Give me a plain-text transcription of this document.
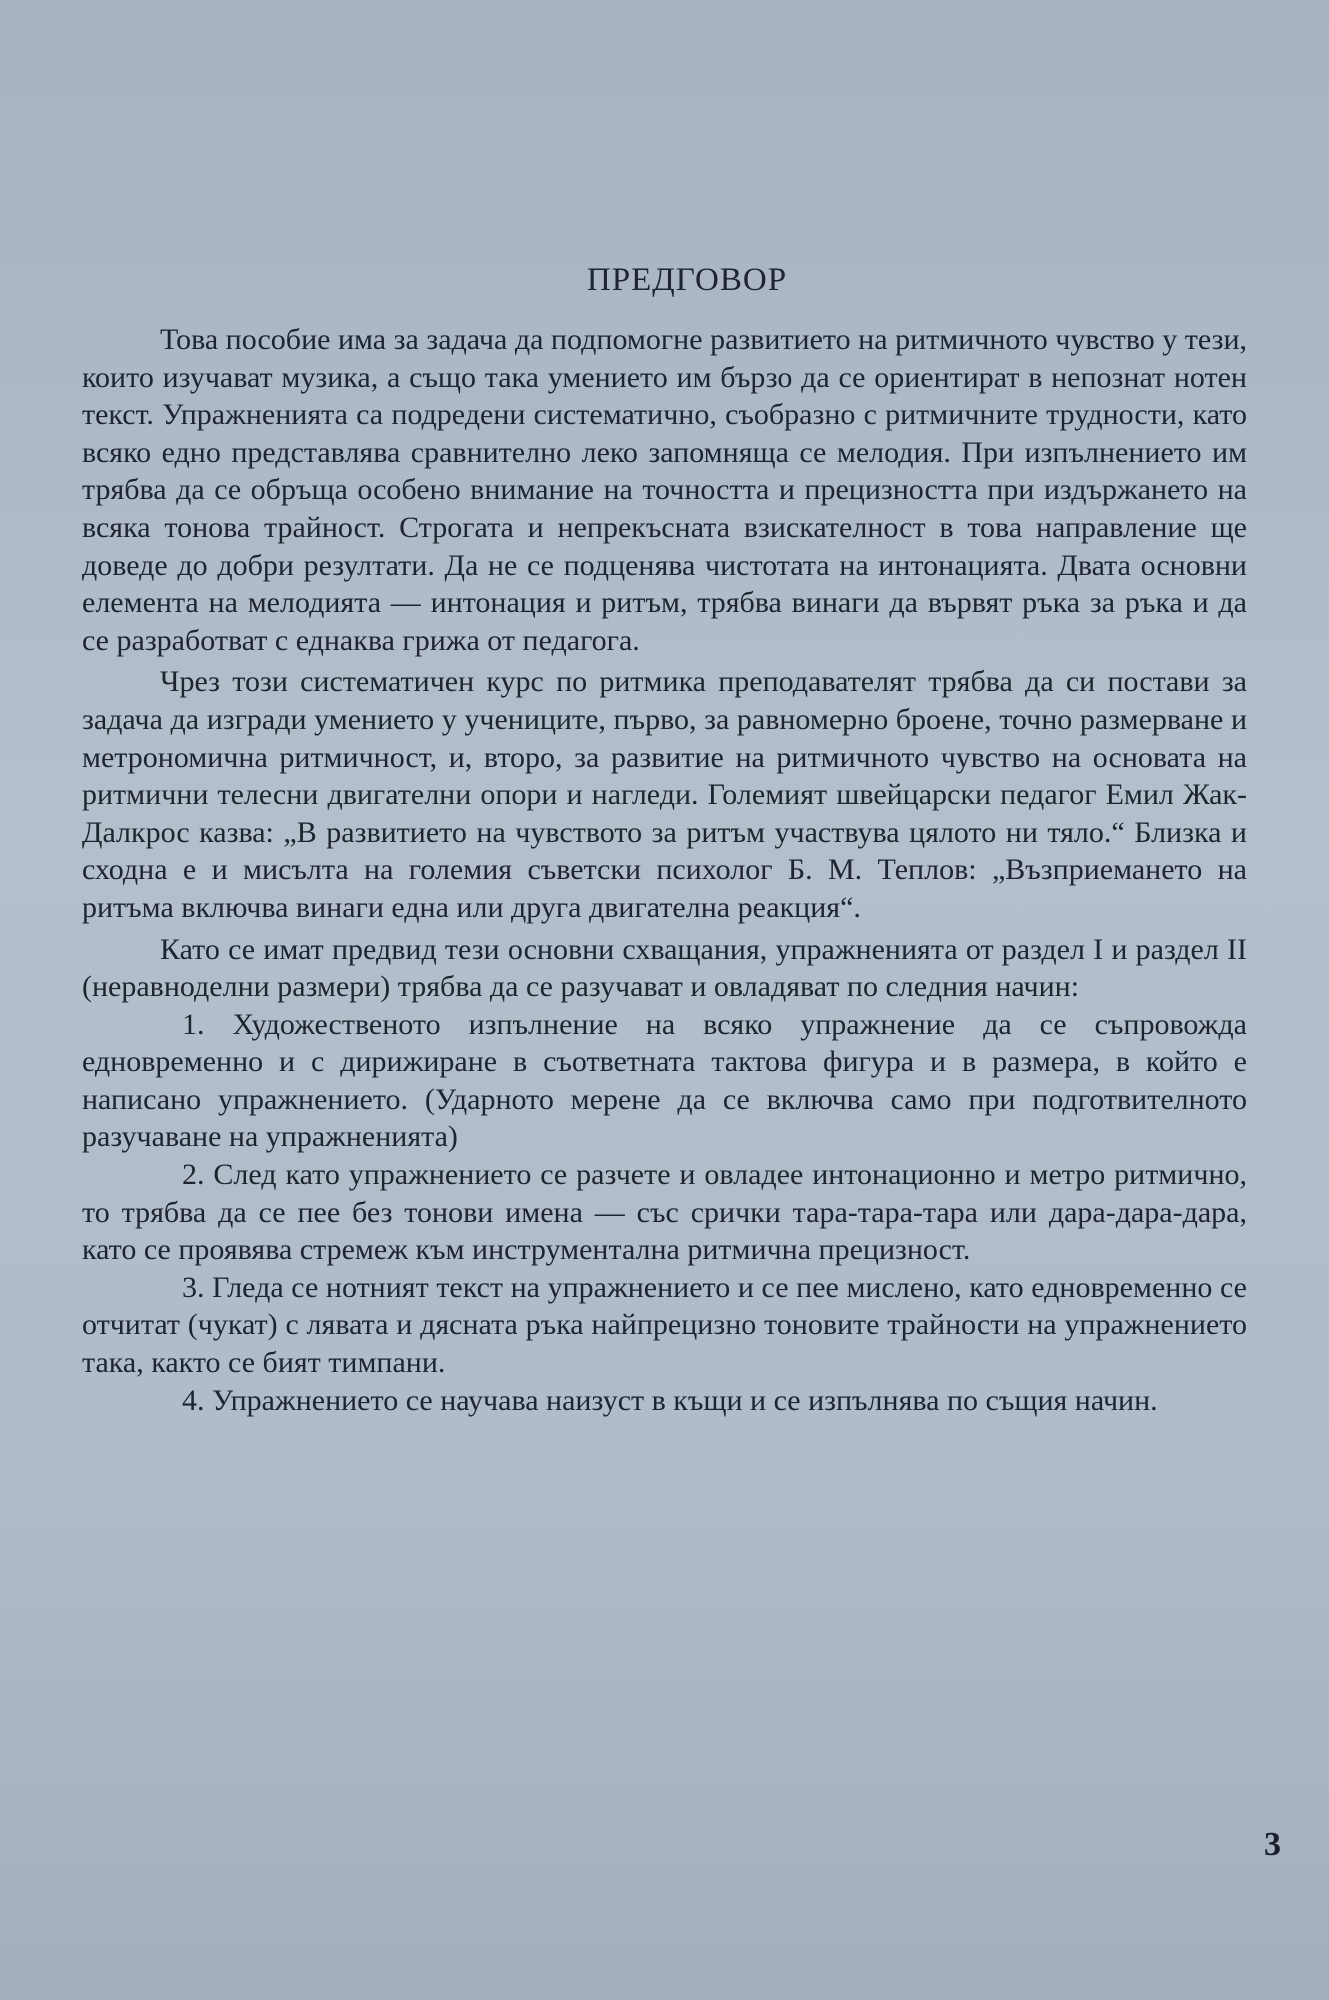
ПРЕДГОВОР

Това пособие има за задача да подпомогне развитието на ритмичното чувство у тези, които изучават музика, а също така умението им бързо да се ориентират в непознат нотен текст. Упражненията са подредени систематично, съобразно с ритмичните трудности, като всяко едно представлява сравнително леко запомняща се мелодия. При изпълнението им трябва да се обръща особено внимание на точността и прецизността при издържането на всяка тонова трайност. Строгата и непрекъсната взискателност в това направление ще доведе до добри резултати. Да не се подценява чистотата на интонацията. Двата основни елемента на мелодията — интонация и ритъм, трябва винаги да вървят ръка за ръка и да се разработват с еднаква грижа от педагога.

Чрез този систематичен курс по ритмика преподавателят трябва да си постави за задача да изгради умението у учениците, първо, за равномерно броене, точно размерване и метрономична ритмичност, и, второ, за развитие на ритмичното чувство на основата на ритмични телесни двигателни опори и нагледи. Големият швейцарски педагог Емил Жак-Далкрос казва: „В развитието на чувството за ритъм участвува цялото ни тяло.“ Близка и сходна е и мисълта на големия съветски психолог Б. М. Теплов: „Възприемането на ритъма включва винаги една или друга двигателна реакция“.

Като се имат предвид тези основни схващания, упражненията от раздел I и раздел II (неравноделни размери) трябва да се разучават и овладяват по следния начин:

1. Художественото изпълнение на всяко упражнение да се съпровожда едновременно и с дирижиране в съответната тактова фигура и в размера, в който е написано упражнението. (Ударното мерене да се включва само при подготвителното разучаване на упражненията)

2. След като упражнението се разчете и овладее интонационно и метро ритмично, то трябва да се пее без тонови имена — със срички тара-тара-тара или дара-дара-дара, като се проявява стремеж към инструментална ритмична прецизност.

3. Гледа се нотният текст на упражнението и се пее мислено, като едновременно се отчитат (чукат) с лявата и дясната ръка найпрецизно тоновите трайности на упражнението така, както се бият тимпани.

4. Упражнението се научава наизуст в къщи и се изпълнява по същия начин.

3
